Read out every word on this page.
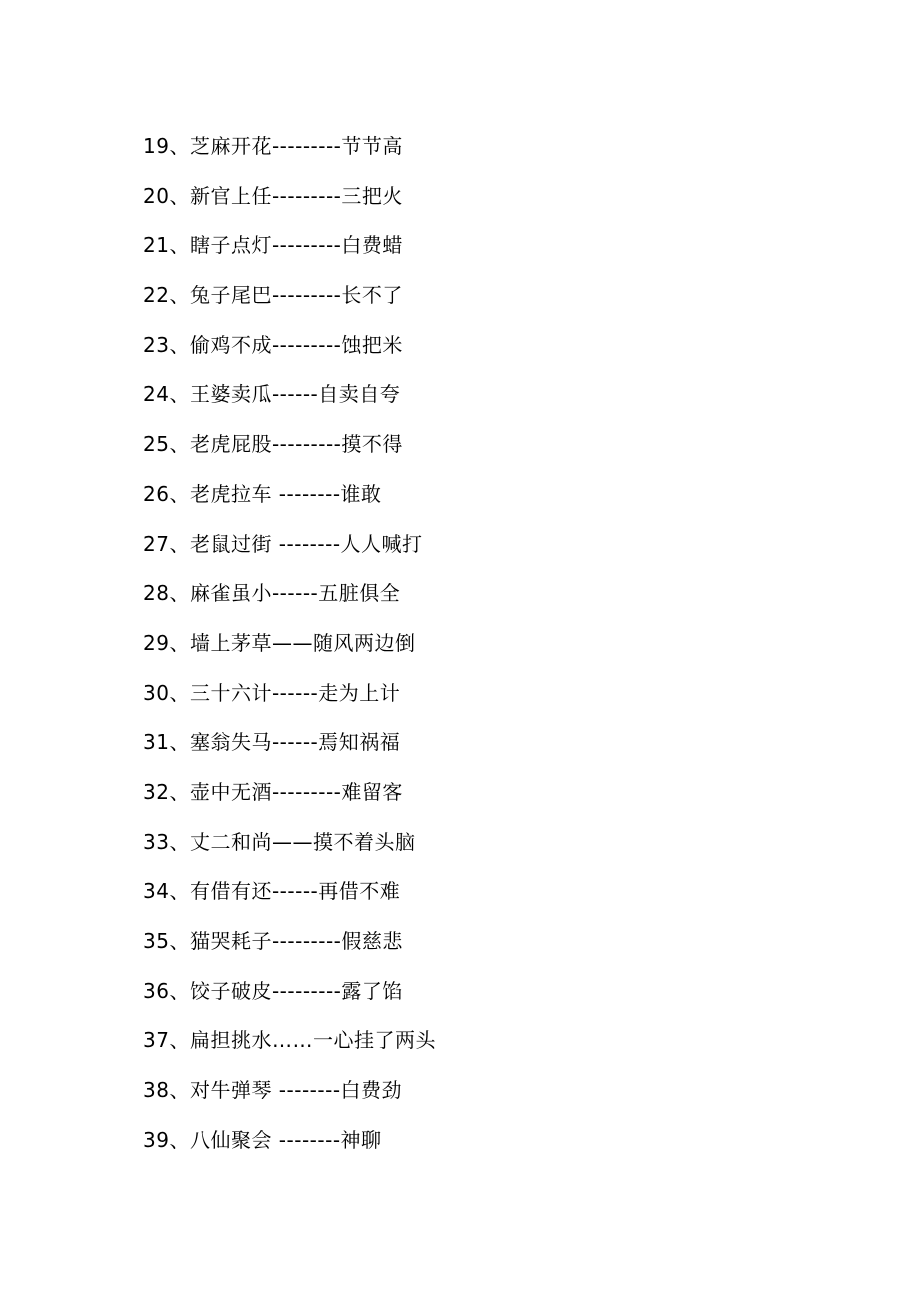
19、芝麻开花---------节节高
20、新官上任---------三把火
21、瞎子点灯---------白费蜡
22、兔子尾巴---------长不了
23、偷鸡不成---------蚀把米
24、王婆卖瓜------自卖自夸
25、老虎屁股---------摸不得
26、老虎拉车 --------谁敢
27、老鼠过街 --------人人喊打
28、麻雀虽小------五脏俱全
29、墙上茅草——随风两边倒
30、三十六计------走为上计
31、塞翁失马------焉知祸福
32、壶中无酒---------难留客
33、丈二和尚——摸不着头脑
34、有借有还------再借不难
35、猫哭耗子---------假慈悲
36、饺子破皮---------露了馅
37、扁担挑水……一心挂了两头
38、对牛弹琴 --------白费劲
39、八仙聚会 --------神聊
